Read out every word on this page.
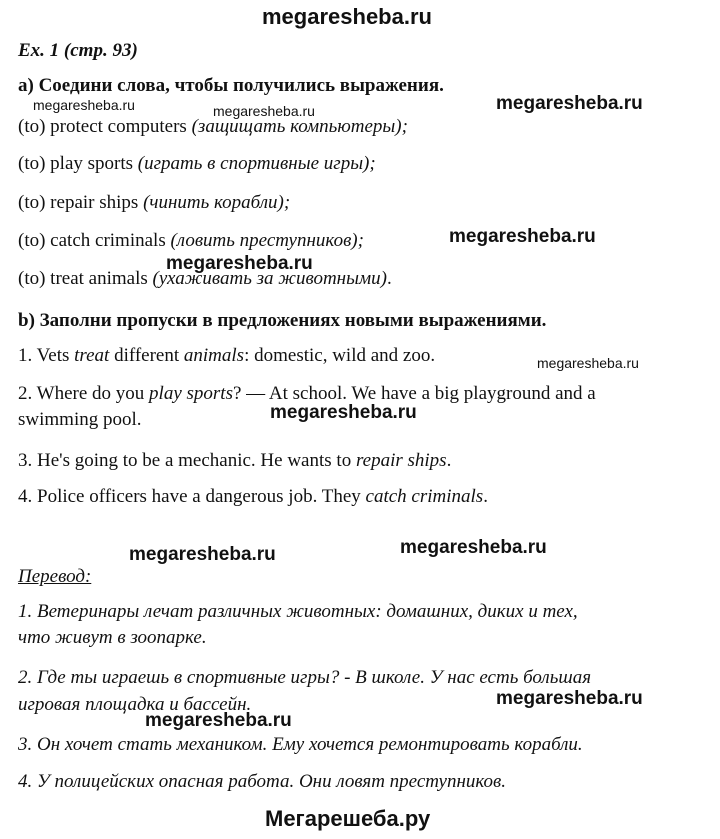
megaresheba.ru
Ex. 1 (стр. 93)
a) Соедини слова, чтобы получились выражения.
megaresheba.ru	megaresheba.ru	megaresheba.ru
(to) protect computers (защищать компьютеры);
(to) play sports (играть в спортивные игры);
(to) repair ships (чинить корабли);
(to) catch criminals (ловить преступников);	megaresheba.ru
megaresheba.ru
(to) treat animals (ухаживать за животными).
b) Заполни пропуски в предложениях новыми выражениями.
1. Vets treat different animals: domestic, wild and zoo.	megaresheba.ru
2. Where do you play sports? — At school. We have a big playground and a
swimming pool.	megaresheba.ru
3. He's going to be a mechanic. He wants to repair ships.
4. Police officers have a dangerous job. They catch criminals.
megaresheba.ru	megaresheba.ru
Перевод:
1. Ветеринары лечат различных животных: домашних, диких и тех,
что живут в зоопарке.
2. Где ты играешь в спортивные игры? - В школе. У нас есть большая
megaresheba.ru
игровая площадка и бассейн.
megaresheba.ru
3. Он хочет стать механиком. Ему хочется ремонтировать корабли.
4. У полицейских опасная работа. Они ловят преступников.
Мегарешеба.ру
